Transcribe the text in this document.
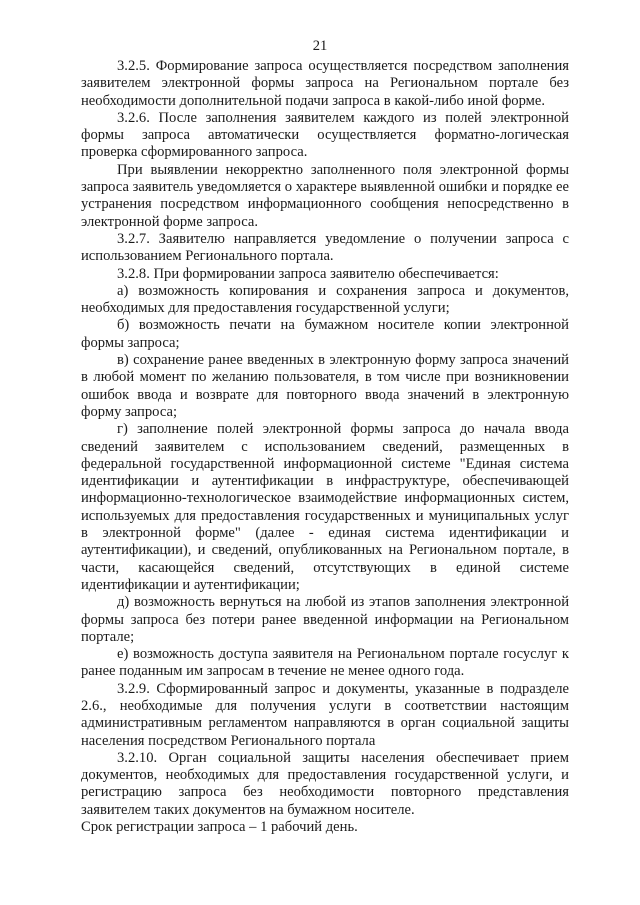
21

3.2.5. Формирование запроса осуществляется посредством заполнения заявителем электронной формы запроса на Региональном портале без необходимости дополнительной подачи запроса в какой-либо иной форме.

3.2.6. После заполнения заявителем каждого из полей электронной формы запроса автоматически осуществляется форматно-логическая проверка сформированного запроса.

При выявлении некорректно заполненного поля электронной формы запроса заявитель уведомляется о характере выявленной ошибки и порядке ее устранения посредством информационного сообщения непосредственно в электронной форме запроса.

3.2.7. Заявителю направляется уведомление о получении запроса с использованием Регионального портала.

3.2.8. При формировании запроса заявителю обеспечивается:

а) возможность копирования и сохранения запроса и документов, необходимых для предоставления государственной услуги;

б) возможность печати на бумажном носителе копии электронной формы запроса;

в) сохранение ранее введенных в электронную форму запроса значений в любой момент по желанию пользователя, в том числе при возникновении ошибок ввода и возврате для повторного ввода значений в электронную форму запроса;

г) заполнение полей электронной формы запроса до начала ввода сведений заявителем с использованием сведений, размещенных в федеральной государственной информационной системе "Единая система идентификации и аутентификации в инфраструктуре, обеспечивающей информационно-технологическое взаимодействие информационных систем, используемых для предоставления государственных и муниципальных услуг в электронной форме" (далее - единая система идентификации и аутентификации), и сведений, опубликованных на Региональном портале, в части, касающейся сведений, отсутствующих в единой системе идентификации и аутентификации;

д) возможность вернуться на любой из этапов заполнения электронной формы запроса без потери ранее введенной информации на Региональном портале;

е) возможность доступа заявителя на Региональном портале госуслуг к ранее поданным им запросам в течение не менее одного года.

3.2.9. Сформированный запрос и документы, указанные в подразделе 2.6., необходимые для получения услуги в соответствии настоящим административным регламентом направляются в орган социальной защиты населения посредством Регионального портала

3.2.10. Орган социальной защиты населения обеспечивает прием документов, необходимых для предоставления государственной услуги, и регистрацию запроса без необходимости повторного представления заявителем таких документов на бумажном носителе.

Срок регистрации запроса – 1 рабочий день.
